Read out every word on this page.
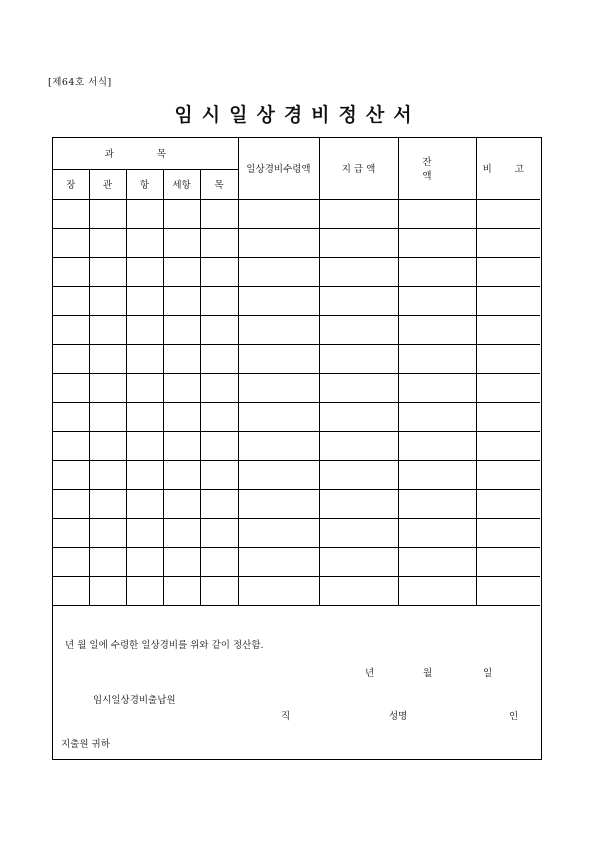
[제64호 서식]
임시일상경비정산서
과 목					일상경비수령액	지 급 액	잔 액	비 고
장	관	항	세항	목				

년 월 일에 수령한 일상경비를 위와 같이 정산함.
년	월	일
임시일상경비출납원
직	성명	인
지출원 귀하
